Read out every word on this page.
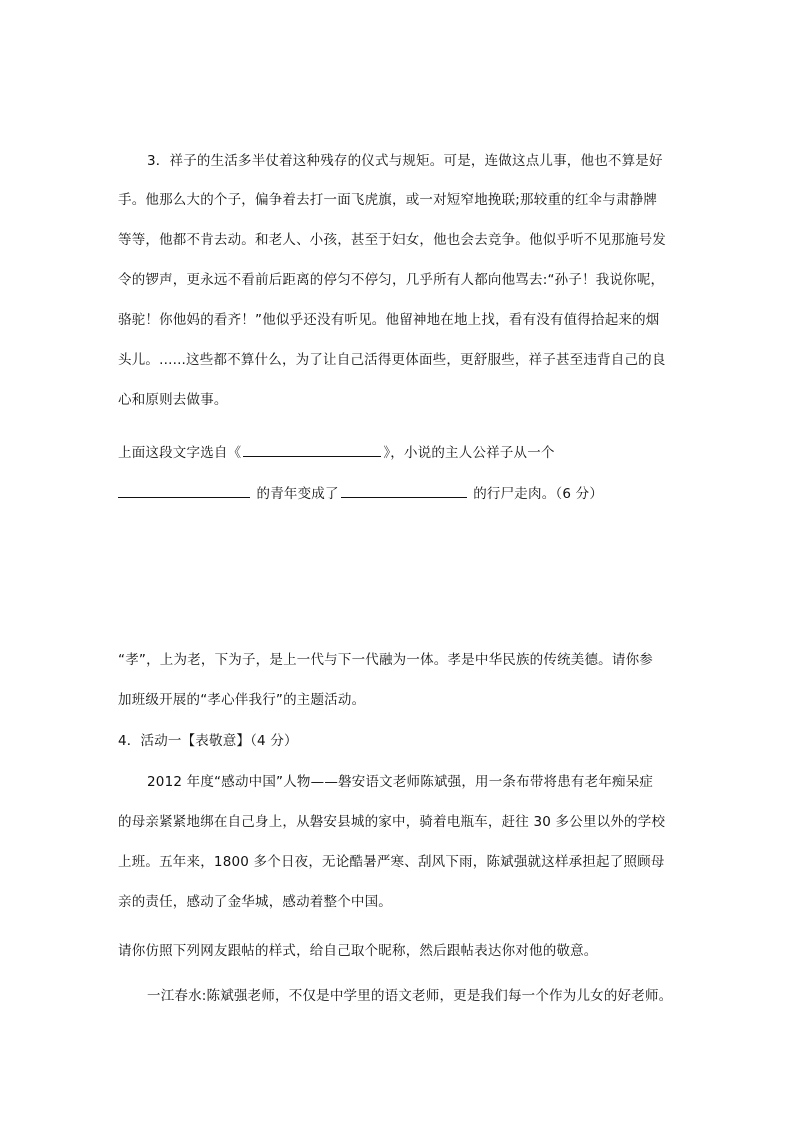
3．祥子的生活多半仗着这种残存的仪式与规矩。可是，连做这点儿事，他也不算是好
手。他那么大的个子，偏争着去打一面飞虎旗，或一对短窄地挽联;那较重的红伞与肃静牌
等等，他都不肯去动。和老人、小孩，甚至于妇女，他也会去竞争。他似乎听不见那施号发
令的锣声，更永远不看前后距离的停匀不停匀，几乎所有人都向他骂去:“孙子！我说你呢，
骆驼！你他妈的看齐！”他似乎还没有听见。他留神地在地上找，看有没有值得拾起来的烟
头儿。......这些都不算什么，为了让自己活得更体面些，更舒服些，祥子甚至违背自己的良
心和原则去做事。
上面这段文字选自《	》，小说的主人公祥子从一个
的青年变成了	的行尸走肉。（6 分）
“孝”，上为老，下为子，是上一代与下一代融为一体。孝是中华民族的传统美德。请你参
加班级开展的“孝心伴我行”的主题活动。
4．活动一【表敬意】（4 分）
2012 年度“感动中国”人物——磐安语文老师陈斌强，用一条布带将患有老年痴呆症
的母亲紧紧地绑在自己身上，从磐安县城的家中，骑着电瓶车，赶往 30 多公里以外的学校
上班。五年来，1800 多个日夜，无论酷暑严寒、刮风下雨，陈斌强就这样承担起了照顾母
亲的责任，感动了金华城，感动着整个中国。
请你仿照下列网友跟帖的样式，给自己取个昵称，然后跟帖表达你对他的敬意。
一江春水:陈斌强老师，不仅是中学里的语文老师，更是我们每一个作为儿女的好老师。
